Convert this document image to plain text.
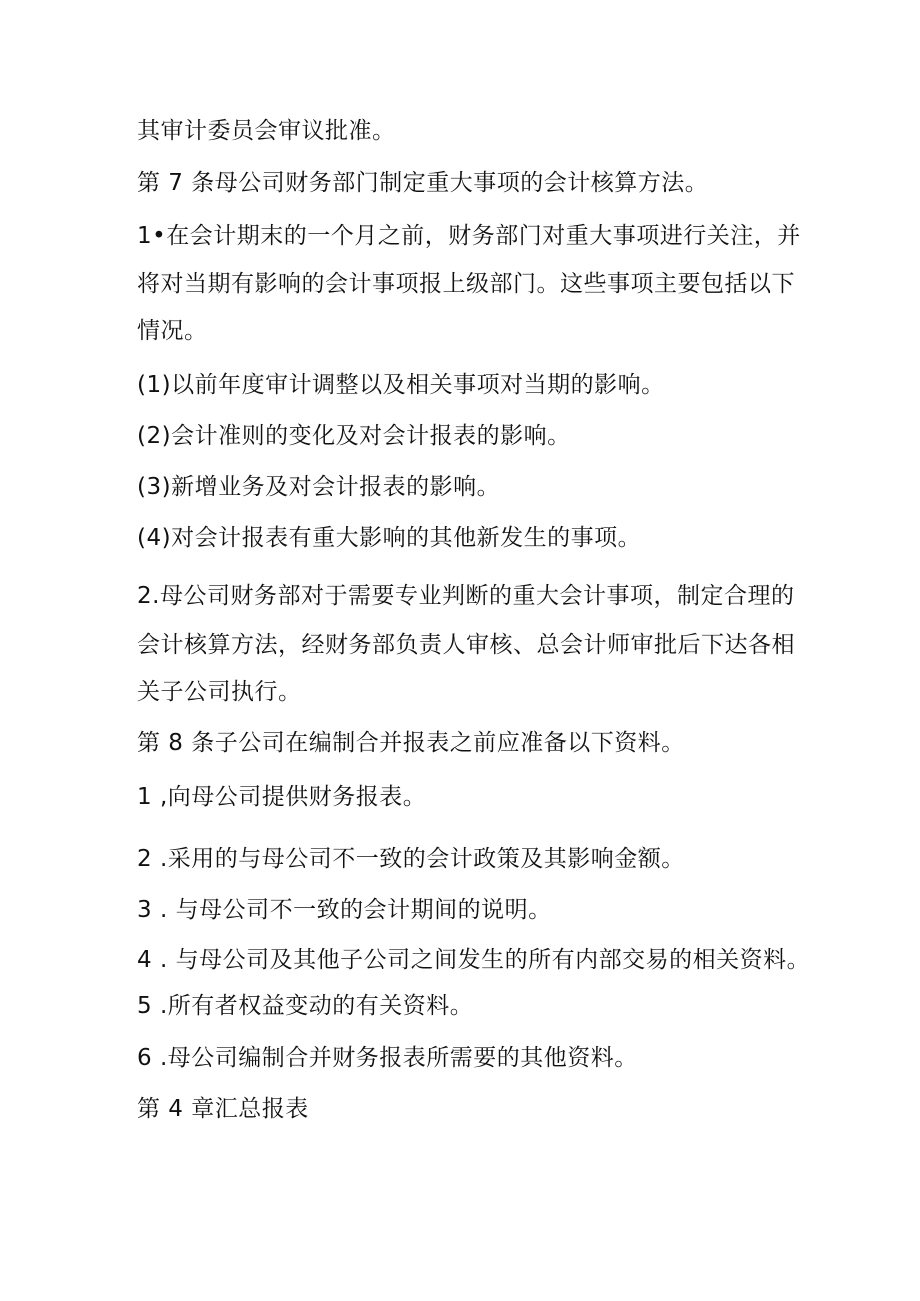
其审计委员会审议批准。
第 7 条母公司财务部门制定重大事项的会计核算方法。
1•在会计期末的一个月之前，财务部门对重大事项进行关注，并
将对当期有影响的会计事项报上级部门。这些事项主要包括以下
情况。
(1)以前年度审计调整以及相关事项对当期的影响。
(2)会计准则的变化及对会计报表的影响。
(3)新增业务及对会计报表的影响。
(4)对会计报表有重大影响的其他新发生的事项。
2.母公司财务部对于需要专业判断的重大会计事项，制定合理的
会计核算方法，经财务部负责人审核、总会计师审批后下达各相
关子公司执行。
第 8 条子公司在编制合并报表之前应准备以下资料。
1 ,向母公司提供财务报表。
2 .采用的与母公司不一致的会计政策及其影响金额。
3 . 与母公司不一致的会计期间的说明。
4 . 与母公司及其他子公司之间发生的所有内部交易的相关资料。
5 .所有者权益变动的有关资料。
6 .母公司编制合并财务报表所需要的其他资料。
第 4 章汇总报表
